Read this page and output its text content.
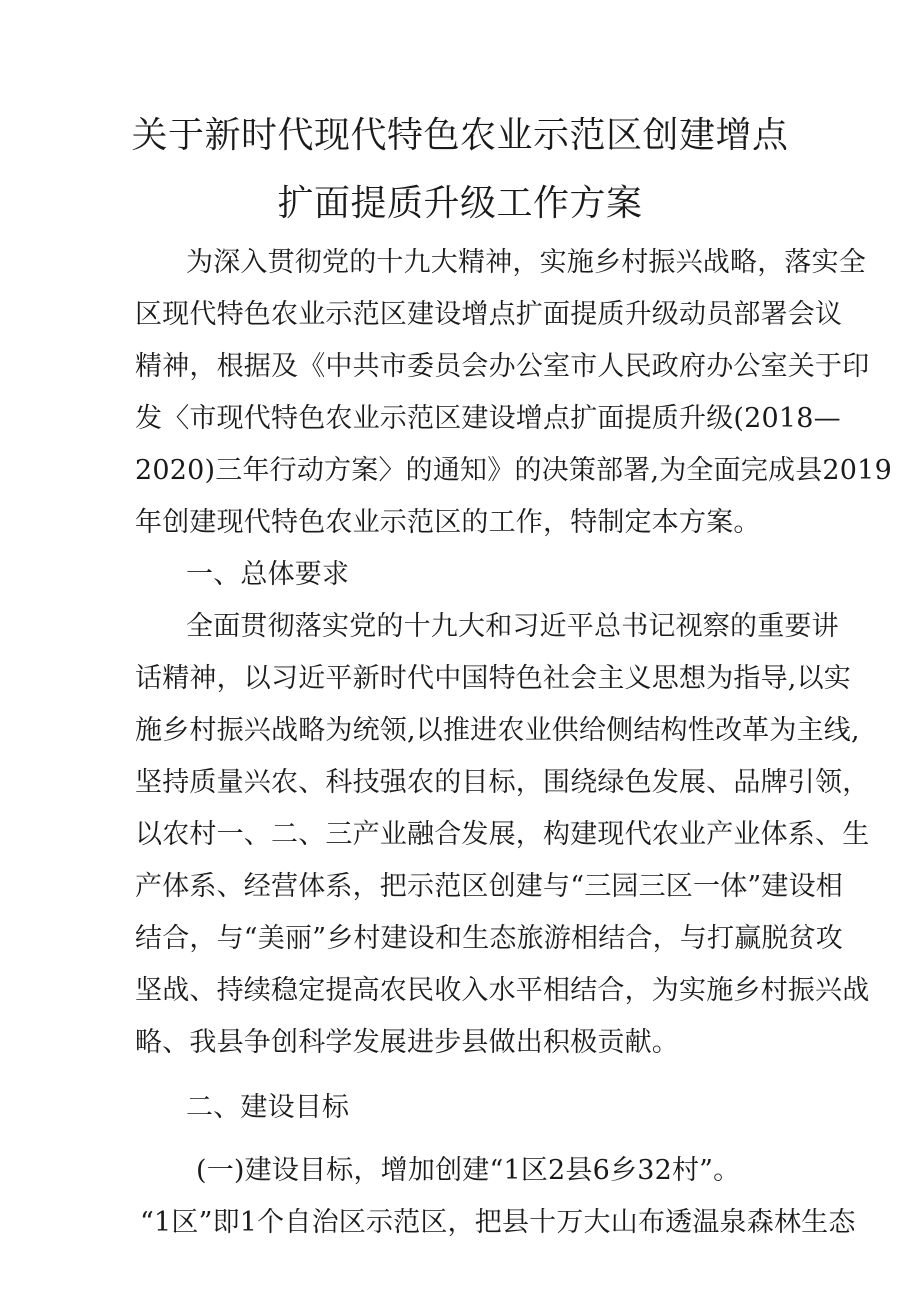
关于新时代现代特色农业示范区创建增点
扩面提质升级工作方案
为深入贯彻党的十九大精神，实施乡村振兴战略，落实全
区现代特色农业示范区建设增点扩面提质升级动员部署会议
精神，根据及《中共市委员会办公室市人民政府办公室关于印
发〈市现代特色农业示范区建设增点扩面提质升级(2018—
2020)三年行动方案〉的通知》的决策部署,为全面完成县2019
年创建现代特色农业示范区的工作，特制定本方案。
一、总体要求
全面贯彻落实党的十九大和习近平总书记视察的重要讲
话精神，以习近平新时代中国特色社会主义思想为指导,以实
施乡村振兴战略为统领,以推进农业供给侧结构性改革为主线,
坚持质量兴农、科技强农的目标，围绕绿色发展、品牌引领，
以农村一、二、三产业融合发展，构建现代农业产业体系、生
产体系、经营体系，把示范区创建与“三园三区一体”建设相
结合，与“美丽”乡村建设和生态旅游相结合，与打赢脱贫攻
坚战、持续稳定提高农民收入水平相结合，为实施乡村振兴战
略、我县争创科学发展进步县做出积极贡献。
二、建设目标
(一)建设目标，增加创建“1区2县6乡32村”。
“1区”即1个自治区示范区，把县十万大山布透温泉森林生态
